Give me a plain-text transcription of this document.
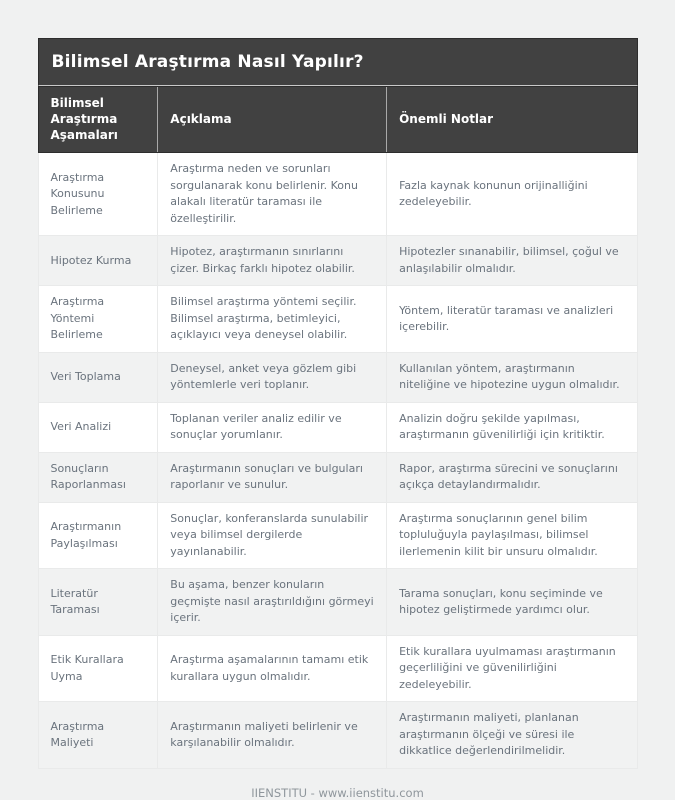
Bilimsel Araştırma Nasıl Yapılır?
Bilimsel Araştırma Aşamaları	Açıklama	Önemli Notlar
Araştırma Konusunu Belirleme	Araştırma neden ve sorunları sorgulanarak konu belirlenir. Konu alakalı literatür taraması ile özelleştirilir.	Fazla kaynak konunun orijinalliğini zedeleyebilir.
Hipotez Kurma	Hipotez, araştırmanın sınırlarını çizer. Birkaç farklı hipotez olabilir.	Hipotezler sınanabilir, bilimsel, çoğul ve anlaşılabilir olmalıdır.
Araştırma Yöntemi Belirleme	Bilimsel araştırma yöntemi seçilir. Bilimsel araştırma, betimleyici, açıklayıcı veya deneysel olabilir.	Yöntem, literatür taraması ve analizleri içerebilir.
Veri Toplama	Deneysel, anket veya gözlem gibi yöntemlerle veri toplanır.	Kullanılan yöntem, araştırmanın niteliğine ve hipotezine uygun olmalıdır.
Veri Analizi	Toplanan veriler analiz edilir ve sonuçlar yorumlanır.	Analizin doğru şekilde yapılması, araştırmanın güvenilirliği için kritiktir.
Sonuçların Raporlanması	Araştırmanın sonuçları ve bulguları raporlanır ve sunulur.	Rapor, araştırma sürecini ve sonuçlarını açıkça detaylandırmalıdır.
Araştırmanın Paylaşılması	Sonuçlar, konferanslarda sunulabilir veya bilimsel dergilerde yayınlanabilir.	Araştırma sonuçlarının genel bilim topluluğuyla paylaşılması, bilimsel ilerlemenin kilit bir unsuru olmalıdır.
Literatür Taraması	Bu aşama, benzer konuların geçmişte nasıl araştırıldığını görmeyi içerir.	Tarama sonuçları, konu seçiminde ve hipotez geliştirmede yardımcı olur.
Etik Kurallara Uyma	Araştırma aşamalarının tamamı etik kurallara uygun olmalıdır.	Etik kurallara uyulmaması araştırmanın geçerliliğini ve güvenilirliğini zedeleyebilir.
Araştırma Maliyeti	Araştırmanın maliyeti belirlenir ve karşılanabilir olmalıdır.	Araştırmanın maliyeti, planlanan araştırmanın ölçeği ve süresi ile dikkatlice değerlendirilmelidir.
IIENSTITU - www.iienstitu.com
